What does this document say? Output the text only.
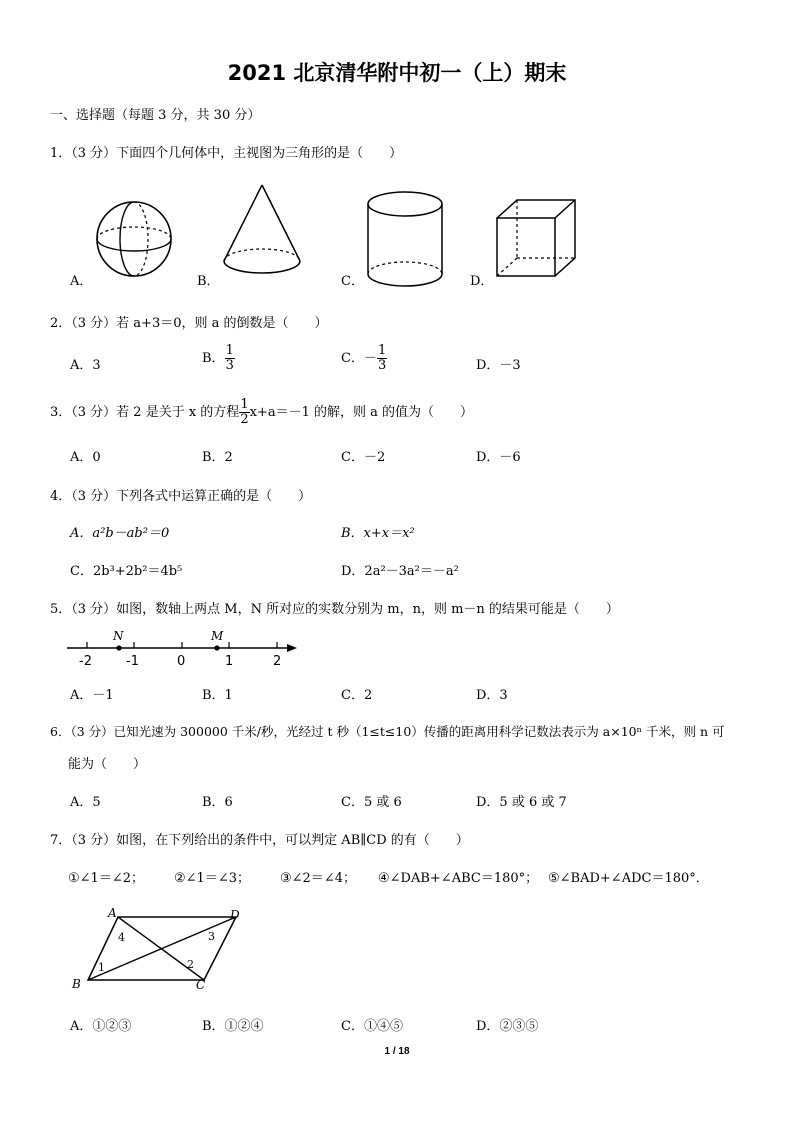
2021 北京清华附中初一（上）期末
一、选择题（每题 3 分，共 30 分）
1．（3 分）下面四个几何体中，主视图为三角形的是（　　）
A．	B．	C．	D．
2．（3 分）若 a+3＝0，则 a 的倒数是（　　）
A．3	B． $\frac{1}{3}$	C．－ $\frac{1}{3}$	D．－3
3．（3 分）若 2 是关于 x 的方程 $\frac{1}{2} x+a=-1$ 的解，则 a 的值为（　　）
A．0	B．2	C．－2	D．－6
4．（3 分）下列各式中运算正确的是（　　）
A．a²b－ab²＝0	B．x+x＝x²
C．2b³+2b²＝4b⁵	D．2a²－3a²＝－a²
5．（3 分）如图，数轴上两点 M，N 所对应的实数分别为 m，n，则 m－n 的结果可能是（　　）
N	M
-2	-1	0	1	2
A．－1	B．1	C．2	D．3
6．（3 分）已知光速为 300000 千米/秒，光经过 t 秒（1≤t≤10）传播的距离用科学记数法表示为 a×10ⁿ 千米，则 n 可
能为（　　）
A．5	B．6	C．5 或 6	D．5 或 6 或 7
7．（3 分）如图，在下列给出的条件中，可以判定 AB∥CD 的有（　　）
①∠1＝∠2； ②∠1＝∠3； ③∠2＝∠4； ④∠DAB+∠ABC＝180°； ⑤∠BAD+∠ADC＝180°．
A	D
B	C
1	2
3
4
A．①②③	B．①②④	C．①④⑤	D．②③⑤
1 / 18
